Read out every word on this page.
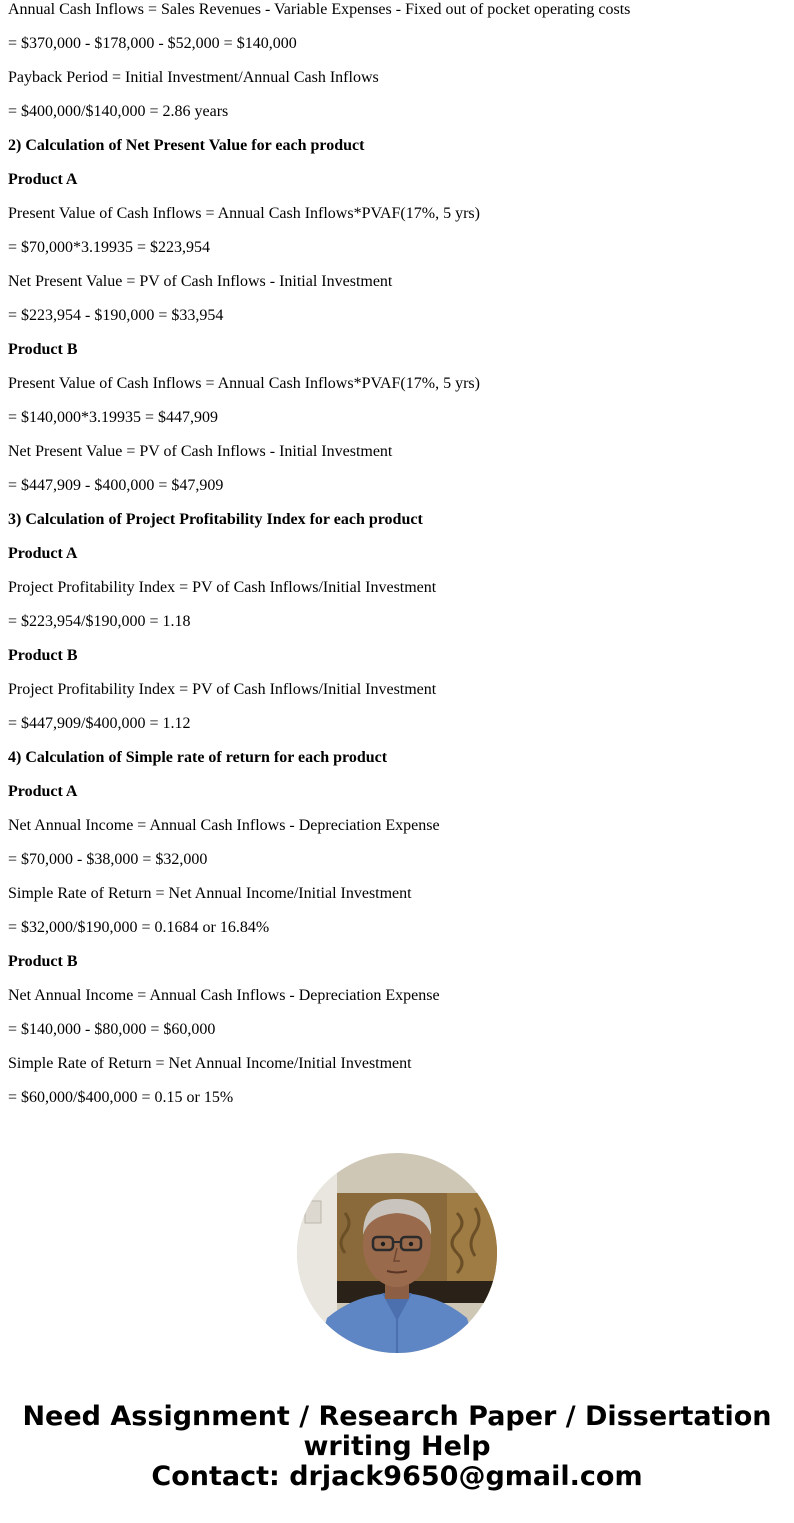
Annual Cash Inflows = Sales Revenues - Variable Expenses - Fixed out of pocket operating costs

= $370,000 - $178,000 - $52,000 = $140,000

Payback Period = Initial Investment/Annual Cash Inflows

= $400,000/$140,000 = 2.86 years

2) Calculation of Net Present Value for each product

Product A

Present Value of Cash Inflows = Annual Cash Inflows*PVAF(17%, 5 yrs)

= $70,000*3.19935 = $223,954

Net Present Value = PV of Cash Inflows - Initial Investment

= $223,954 - $190,000 = $33,954

Product B

Present Value of Cash Inflows = Annual Cash Inflows*PVAF(17%, 5 yrs)

= $140,000*3.19935 = $447,909

Net Present Value = PV of Cash Inflows - Initial Investment

= $447,909 - $400,000 = $47,909

3) Calculation of Project Profitability Index for each product

Product A

Project Profitability Index = PV of Cash Inflows/Initial Investment

= $223,954/$190,000 = 1.18

Product B

Project Profitability Index = PV of Cash Inflows/Initial Investment

= $447,909/$400,000 = 1.12

4) Calculation of Simple rate of return for each product

Product A

Net Annual Income = Annual Cash Inflows - Depreciation Expense

= $70,000 - $38,000 = $32,000

Simple Rate of Return = Net Annual Income/Initial Investment

= $32,000/$190,000 = 0.1684 or 16.84%

Product B

Net Annual Income = Annual Cash Inflows - Depreciation Expense

= $140,000 - $80,000 = $60,000

Simple Rate of Return = Net Annual Income/Initial Investment

= $60,000/$400,000 = 0.15 or 15%

Need Assignment / Research Paper / Dissertation
writing Help
Contact: drjack9650@gmail.com
